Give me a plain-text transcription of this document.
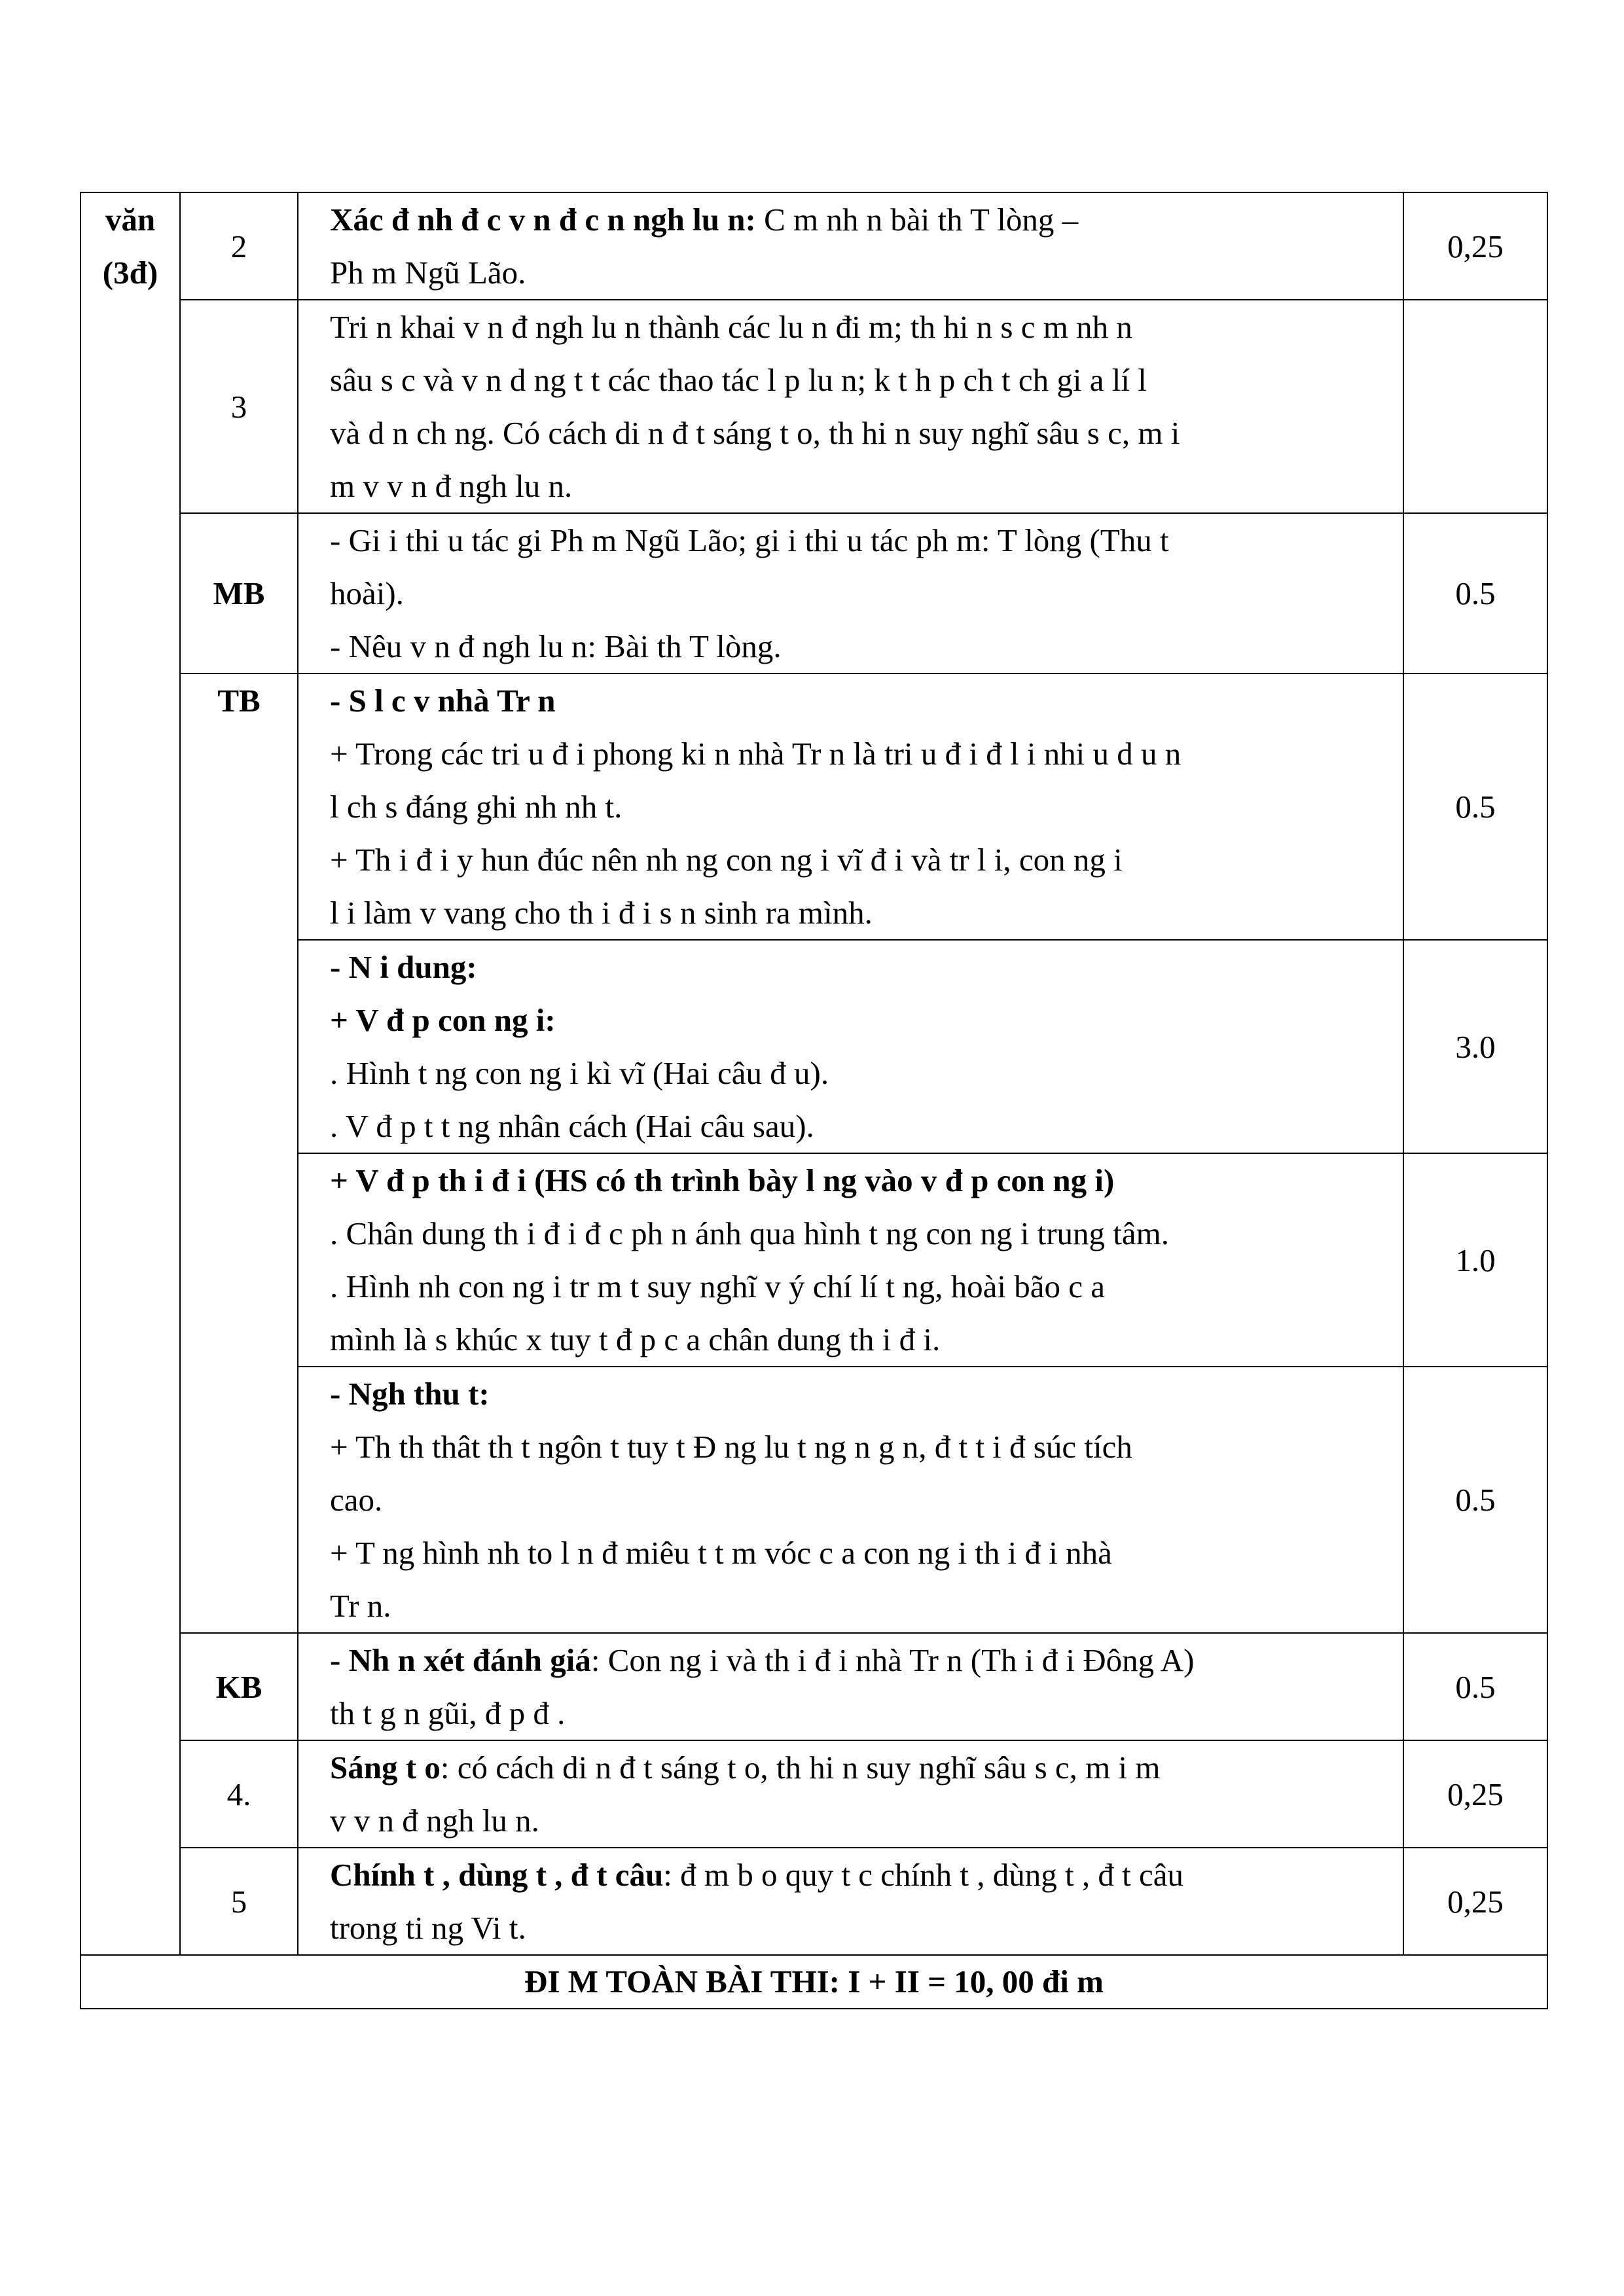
văn
(3đ)	2	Xác đ nh đ c v n đ c n ngh lu n: C m nh n bài th T lòng –
Ph m Ngũ Lão.	0,25
	3	Tri n khai v n đ ngh lu n thành các lu n đi m; th hi n s c m nh n
sâu s c và v n d ng t t các thao tác l p lu n; k t h p ch t ch gi a lí l
và d n ch ng. Có cách di n đ t sáng t o, th hi n suy nghĩ sâu s c, m i
m v v n đ ngh lu n.	

	MB	- Gi i thi u tác gi Ph m Ngũ Lão; gi i thi u tác ph m: T lòng (Thu t
hoài).
- Nêu v n đ ngh lu n: Bài th T lòng.	0.5
	TB	- S l c v nhà Tr n
+ Trong các tri u đ i phong ki n nhà Tr n là tri u đ i đ l i nhi u d u n
l ch s đáng ghi nh nh t.
+ Th i đ i y hun đúc nên nh ng con ng i vĩ đ i và tr l i, con ng i
l i làm v vang cho th i đ i s n sinh ra mình.	0.5

		- N i dung:
+ V đ p con ng i:
. Hình t ng con ng i kì vĩ (Hai câu đ u).
. V đ p t t ng nhân cách (Hai câu sau).	3.0

		+ V đ p th i đ i (HS có th trình bày l ng vào v đ p con ng i)
. Chân dung th i đ i đ c ph n ánh qua hình t ng con ng i trung tâm.
. Hình nh con ng i tr m t suy nghĩ v ý chí lí t ng, hoài bão c a
mình là s khúc x tuy t đ p c a chân dung th i đ i.	1.0

		- Ngh thu t:
+ Th th thât th t ngôn t tuy t Đ ng lu t ng n g n, đ t t i đ súc tích
cao.
+ T ng hình nh to l n đ miêu t t m vóc c a con ng i th i đ i nhà
Tr n.	0.5
	KB	- Nh n xét đánh giá: Con ng i và th i đ i nhà Tr n (Th i đ i Đông A)
th t g n gũi, đ p đ .	0.5
	4.	Sáng t o: có cách di n đ t sáng t o, th hi n suy nghĩ sâu s c, m i m
v v n đ ngh lu n.	0,25
	5	Chính t , dùng t , đ t câu: đ m b o quy t c chính t , dùng t , đ t câu
trong ti ng Vi t.	0,25
ĐI M TOÀN BÀI THI: I + II = 10, 00 đi m			
